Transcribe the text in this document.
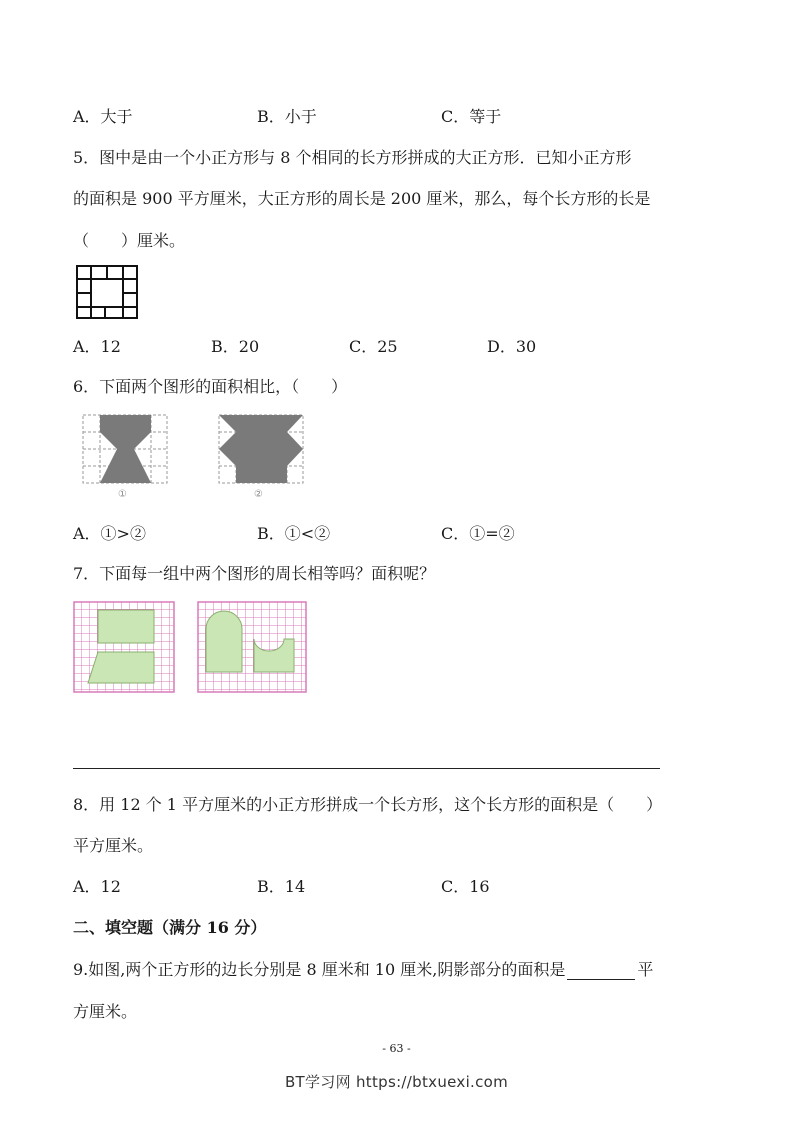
A．大于	B．小于	C．等于
5．图中是由一个小正方形与 8 个相同的长方形拼成的大正方形．已知小正方形
的面积是 900 平方厘米，大正方形的周长是 200 厘米，那么，每个长方形的长是
（　　）厘米。
A．12	B．20	C．25	D．30
6．下面两个图形的面积相比，（　　）
①	②
A．①>②	B．①<②	C．①=②
7．下面每一组中两个图形的周长相等吗？面积呢？
8．用 12 个 1 平方厘米的小正方形拼成一个长方形，这个长方形的面积是（　　）
平方厘米。
A．12	B．14	C．16
二、填空题（满分 16 分）
9.如图,两个正方形的边长分别是 8 厘米和 10 厘米,阴影部分的面积是	平
方厘米。
- 63 -
BT学习网 https://btxuexi.com
